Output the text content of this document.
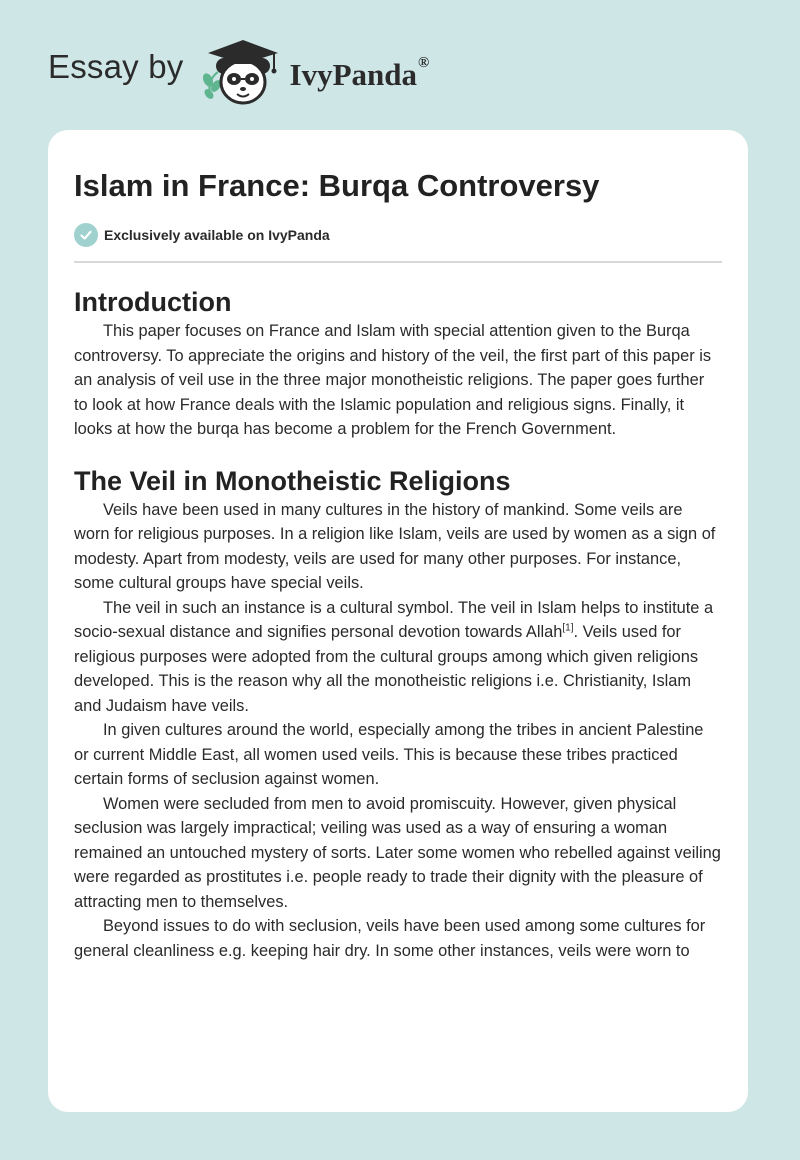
Essay by	IvyPanda®
Islam in France: Burqa Controversy
Exclusively available on IvyPanda
Introduction

This paper focuses on France and Islam with special attention given to the Burqa controversy. To appreciate the origins and history of the veil, the first part of this paper is an analysis of veil use in the three major monotheistic religions. The paper goes further to look at how France deals with the Islamic population and religious signs. Finally, it looks at how the burqa has become a problem for the French Government.

The Veil in Monotheistic Religions

Veils have been used in many cultures in the history of mankind. Some veils are worn for religious purposes. In a religion like Islam, veils are used by women as a sign of modesty. Apart from modesty, veils are used for many other purposes. For instance, some cultural groups have special veils.

The veil in such an instance is a cultural symbol. The veil in Islam helps to institute a socio-sexual distance and signifies personal devotion towards Allah[1]. Veils used for religious purposes were adopted from the cultural groups among which given religions developed. This is the reason why all the monotheistic religions i.e. Christianity, Islam and Judaism have veils.

In given cultures around the world, especially among the tribes in ancient Palestine or current Middle East, all women used veils. This is because these tribes practiced certain forms of seclusion against women.

Women were secluded from men to avoid promiscuity. However, given physical seclusion was largely impractical; veiling was used as a way of ensuring a woman remained an untouched mystery of sorts. Later some women who rebelled against veiling were regarded as prostitutes i.e. people ready to trade their dignity with the pleasure of attracting men to themselves.

Beyond issues to do with seclusion, veils have been used among some cultures for general cleanliness e.g. keeping hair dry. In some other instances, veils were worn to
